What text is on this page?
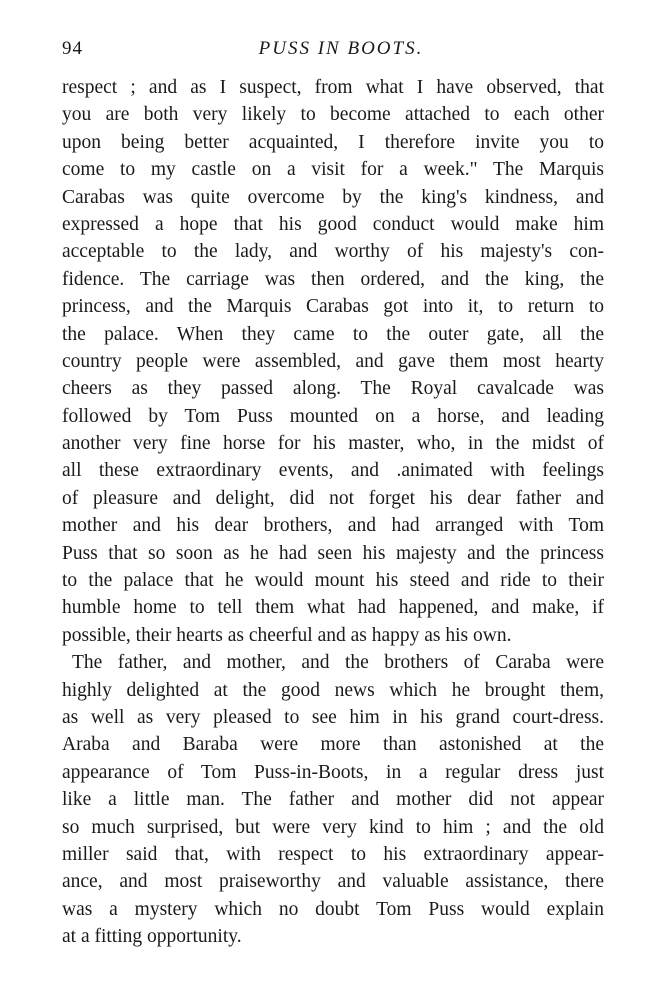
94	PUSS IN BOOTS.
respect ; and as I suspect, from what I have observed, that
you are both very likely to become attached to each other
upon being better acquainted, I therefore invite you to
come to my castle on a visit for a week." The Marquis
Carabas was quite overcome by the king's kindness, and
expressed a hope that his good conduct would make him
acceptable to the lady, and worthy of his majesty's con-
fidence. The carriage was then ordered, and the king, the
princess, and the Marquis Carabas got into it, to return to
the palace. When they came to the outer gate, all the
country people were assembled, and gave them most hearty
cheers as they passed along. The Royal cavalcade was
followed by Tom Puss mounted on a horse, and leading
another very fine horse for his master, who, in the midst of
all these extraordinary events, and .animated with feelings
of pleasure and delight, did not forget his dear father and
mother and his dear brothers, and had arranged with Tom
Puss that so soon as he had seen his majesty and the princess
to the palace that he would mount his steed and ride to their
humble home to tell them what had happened, and make, if
possible, their hearts as cheerful and as happy as his own.
The father, and mother, and the brothers of Caraba were
highly delighted at the good news which he brought them,
as well as very pleased to see him in his grand court-dress.
Araba and Baraba were more than astonished at the
appearance of Tom Puss-in-Boots, in a regular dress just
like a little man. The father and mother did not appear
so much surprised, but were very kind to him ; and the old
miller said that, with respect to his extraordinary appear-
ance, and most praiseworthy and valuable assistance, there
was a mystery which no doubt Tom Puss would explain
at a fitting opportunity.
